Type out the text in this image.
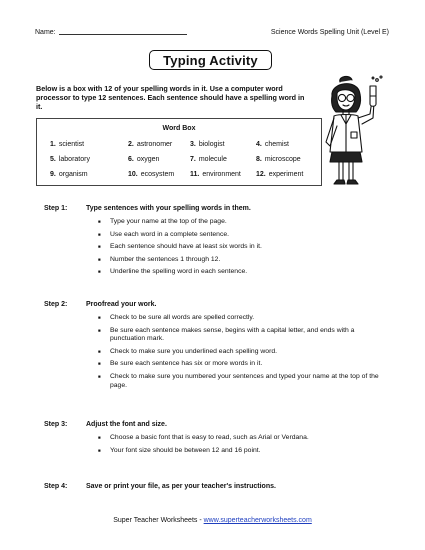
Name:	Science Words Spelling Unit (Level E)
Typing Activity
Below is a box with 12 of your spelling words in it. Use a computer word processor to type 12 sentences. Each sentence should have a spelling word in it.
Word Box
1. scientist	2. astronomer	3. biologist	4. chemist
5. laboratory	6. oxygen	7. molecule	8. microscope
9. organism	10. ecosystem 11. environment 12. experiment
Step 1:	Type sentences with your spelling words in them.
■ Type your name at the top of the page.
■ Use each word in a complete sentence.
■ Each sentence should have at least six words in it.
■ Number the sentences 1 through 12.
■ Underline the spelling word in each sentence.
Step 2:	Proofread your work.
■ Check to be sure all words are spelled correctly.
■ Be sure each sentence makes sense, begins with a capital letter, and ends with a punctuation mark.
■ Check to make sure you underlined each spelling word.
■ Be sure each sentence has six or more words in it.
■ Check to make sure you numbered your sentences and typed your name at the top of the page.
Step 3:	Adjust the font and size.
■ Choose a basic font that is easy to read, such as Arial or Verdana.
■ Your font size should be between 12 and 16 point.
Step 4:	Save or print your file, as per your teacher's instructions.
Super Teacher Worksheets - www.superteacherworksheets.com
